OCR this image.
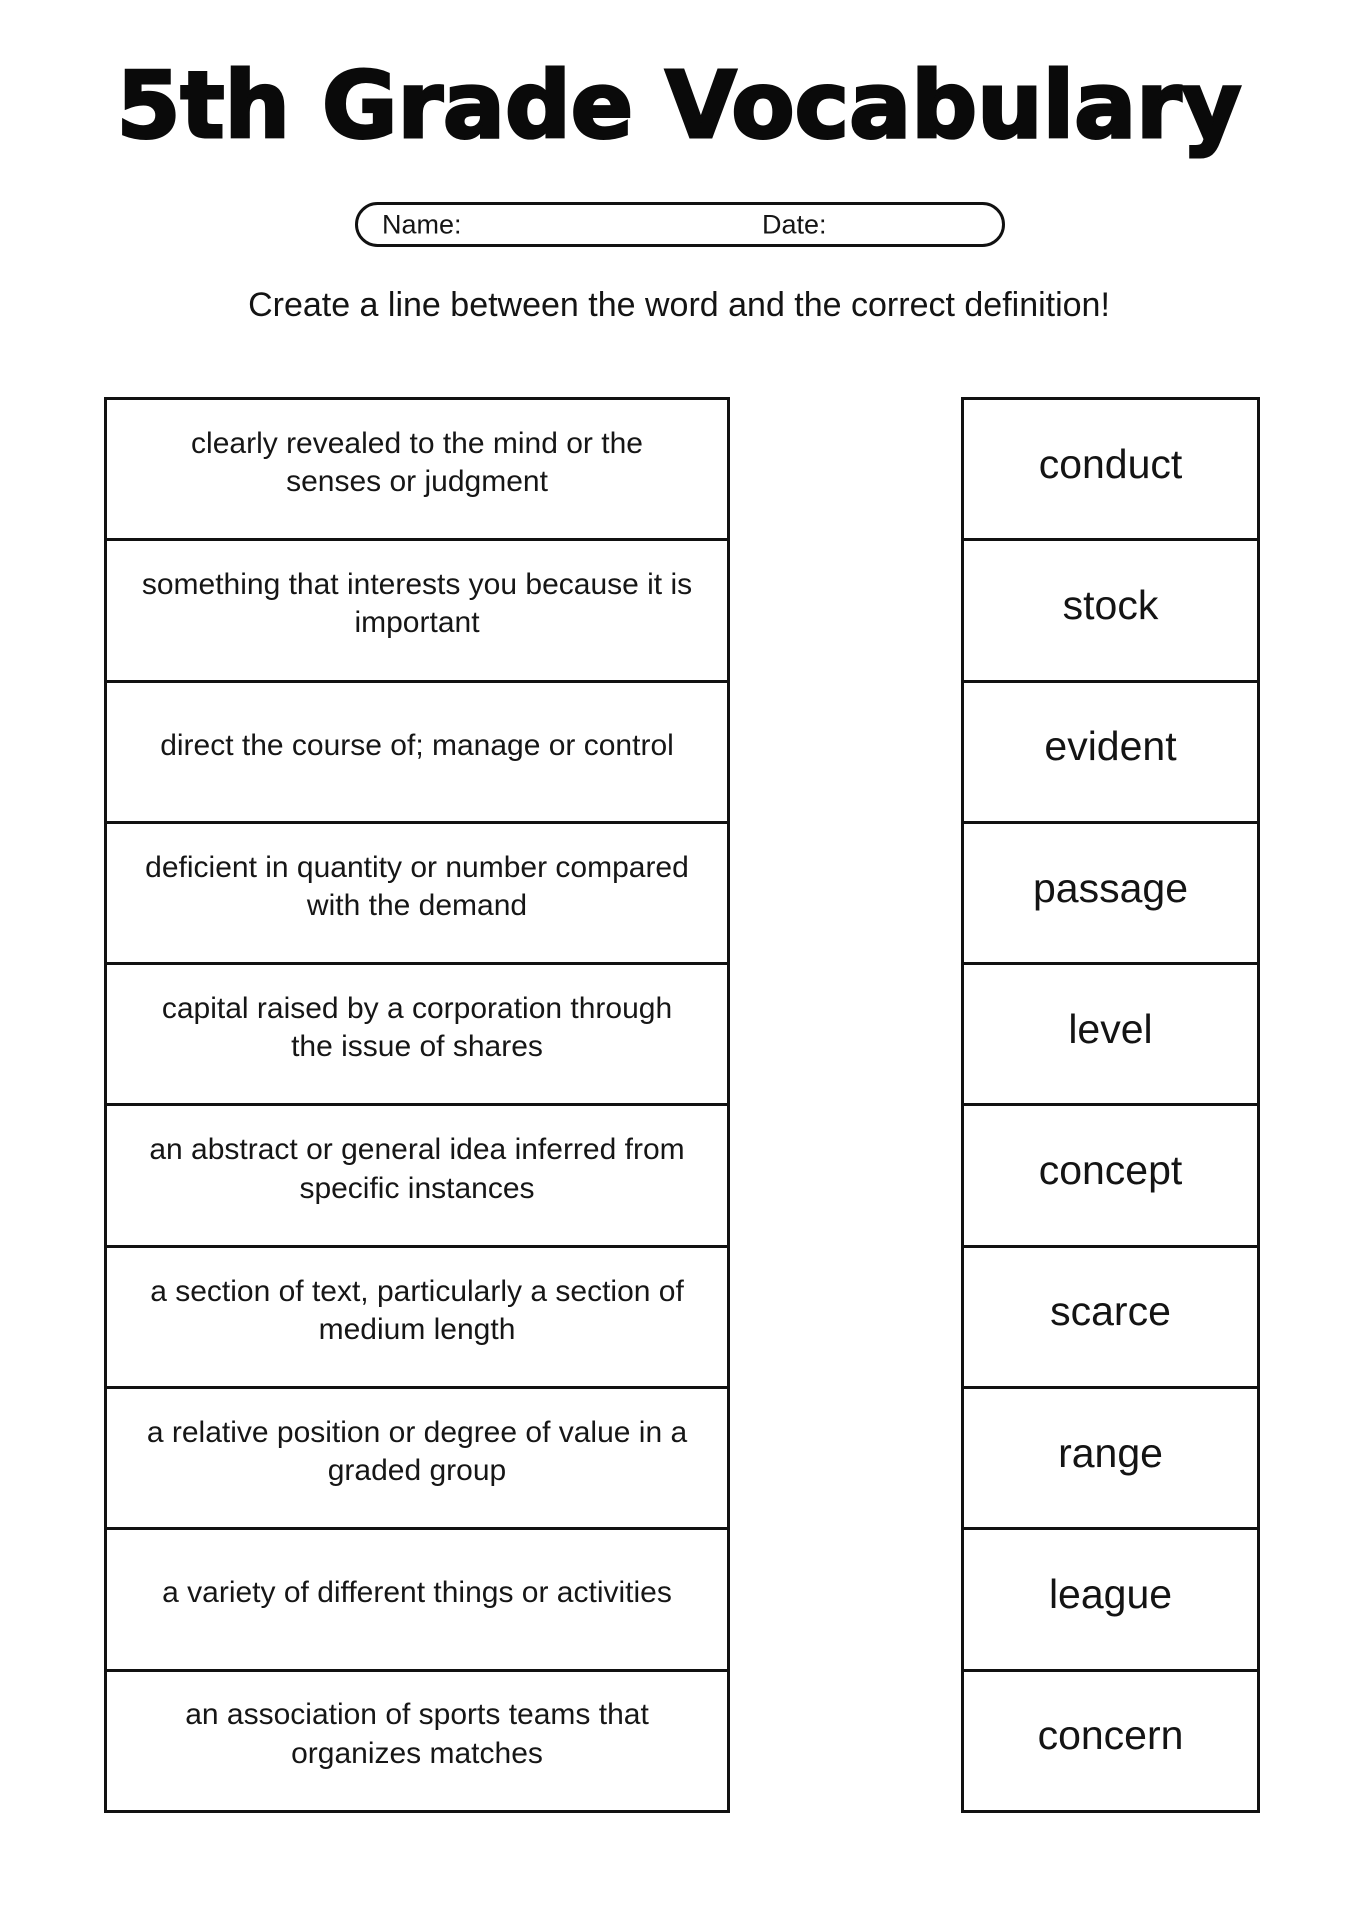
5th Grade Vocabulary
Name:	Date:
Create a line between the word and the correct definition!
clearly revealed to the mind or the senses or judgment
something that interests you because it is important
direct the course of; manage or control
deficient in quantity or number compared with the demand
capital raised by a corporation through the issue of shares
an abstract or general idea inferred from specific instances
a section of text, particularly a section of medium length
a relative position or degree of value in a graded group
a variety of different things or activities
an association of sports teams that organizes matches
conduct
stock
evident
passage
level
concept
scarce
range
league
concern
